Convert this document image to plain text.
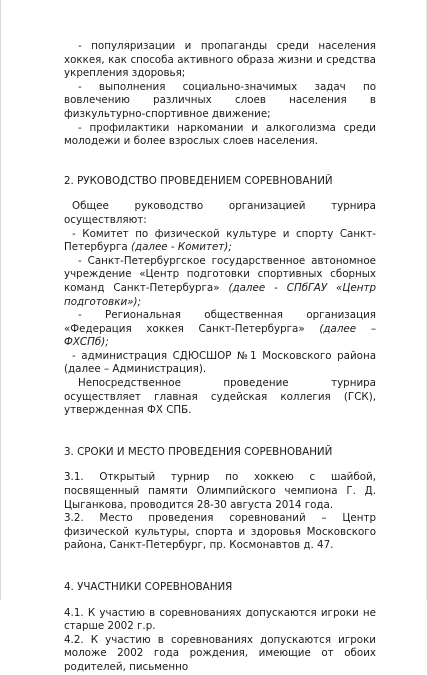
- популяризации и пропаганды среди населения хоккея, как способа активного образа жизни и средства укрепления здоровья;

- выполнения социально-значимых задач по вовлечению различных слоев населения в физкультурно-спортивное движение;

- профилактики наркомании и алкоголизма среди молодежи и более взрослых слоев населения.

2. РУКОВОДСТВО ПРОВЕДЕНИЕМ СОРЕВНОВАНИЙ

Общее руководство организацией турнира осуществляют:

- Комитет по физической культуре и спорту Санкт-Петербурга (далее - Комитет);

- Санкт-Петербургское государственное автономное учреждение «Центр подготовки спортивных сборных команд Санкт-Петербурга» (далее - СПбГАУ «Центр подготовки»);

- Региональная общественная организация «Федерация хоккея Санкт-Петербурга» (далее – ФХСПб);

- администрация СДЮСШОР №1 Московского района (далее – Администрация).

Непосредственное проведение турнира осуществляет главная судейская коллегия (ГСК), утвержденная ФХ СПБ.

3. СРОКИ И МЕСТО ПРОВЕДЕНИЯ СОРЕВНОВАНИЙ

3.1. Открытый турнир по хоккею с шайбой, посвященный памяти Олимпийского чемпиона Г. Д. Цыганкова, проводится 28-30 августа 2014 года.

3.2. Место проведения соревнований – Центр физической культуры, спорта и здоровья Московского района, Санкт-Петербург, пр. Космонавтов д. 47.

4. УЧАСТНИКИ СОРЕВНОВАНИЯ

4.1. К участию в соревнованиях допускаются игроки не старше 2002 г.р.

4.2. К участию в соревнованиях допускаются игроки моложе 2002 года рождения, имеющие от обоих родителей, письменно
